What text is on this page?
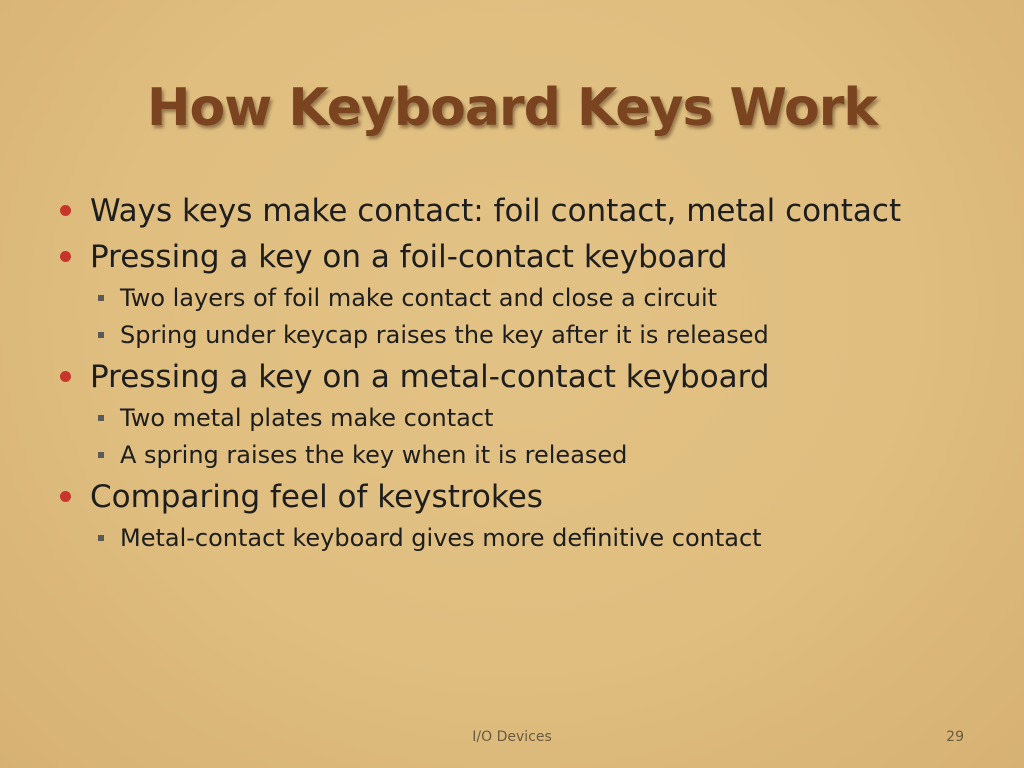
How Keyboard Keys Work
Ways keys make contact: foil contact, metal contact
Pressing a key on a foil-contact keyboard
Two layers of foil make contact and close a circuit
Spring under keycap raises the key after it is released
Pressing a key on a metal-contact keyboard
Two metal plates make contact
A spring raises the key when it is released
Comparing feel of keystrokes
Metal-contact keyboard gives more definitive contact
I/O Devices	29
